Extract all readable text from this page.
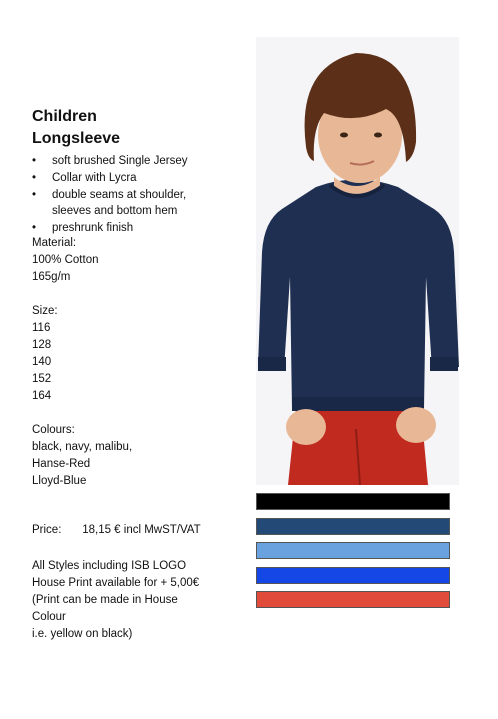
Children
Longsleeve
• soft brushed Single Jersey
• Collar with Lycra
• double seams at shoulder,
sleeves and bottom hem
• preshrunk finish
Material:
100% Cotton
165g/m
Size:
116
128
140
152
164
Colours:
black, navy, malibu,
Hanse-Red
Lloyd-Blue
Price: 18,15 € incl MwST/VAT
All Styles including ISB LOGO
House Print available for + 5,00€
(Print can be made in House
Colour
i.e. yellow on black)
